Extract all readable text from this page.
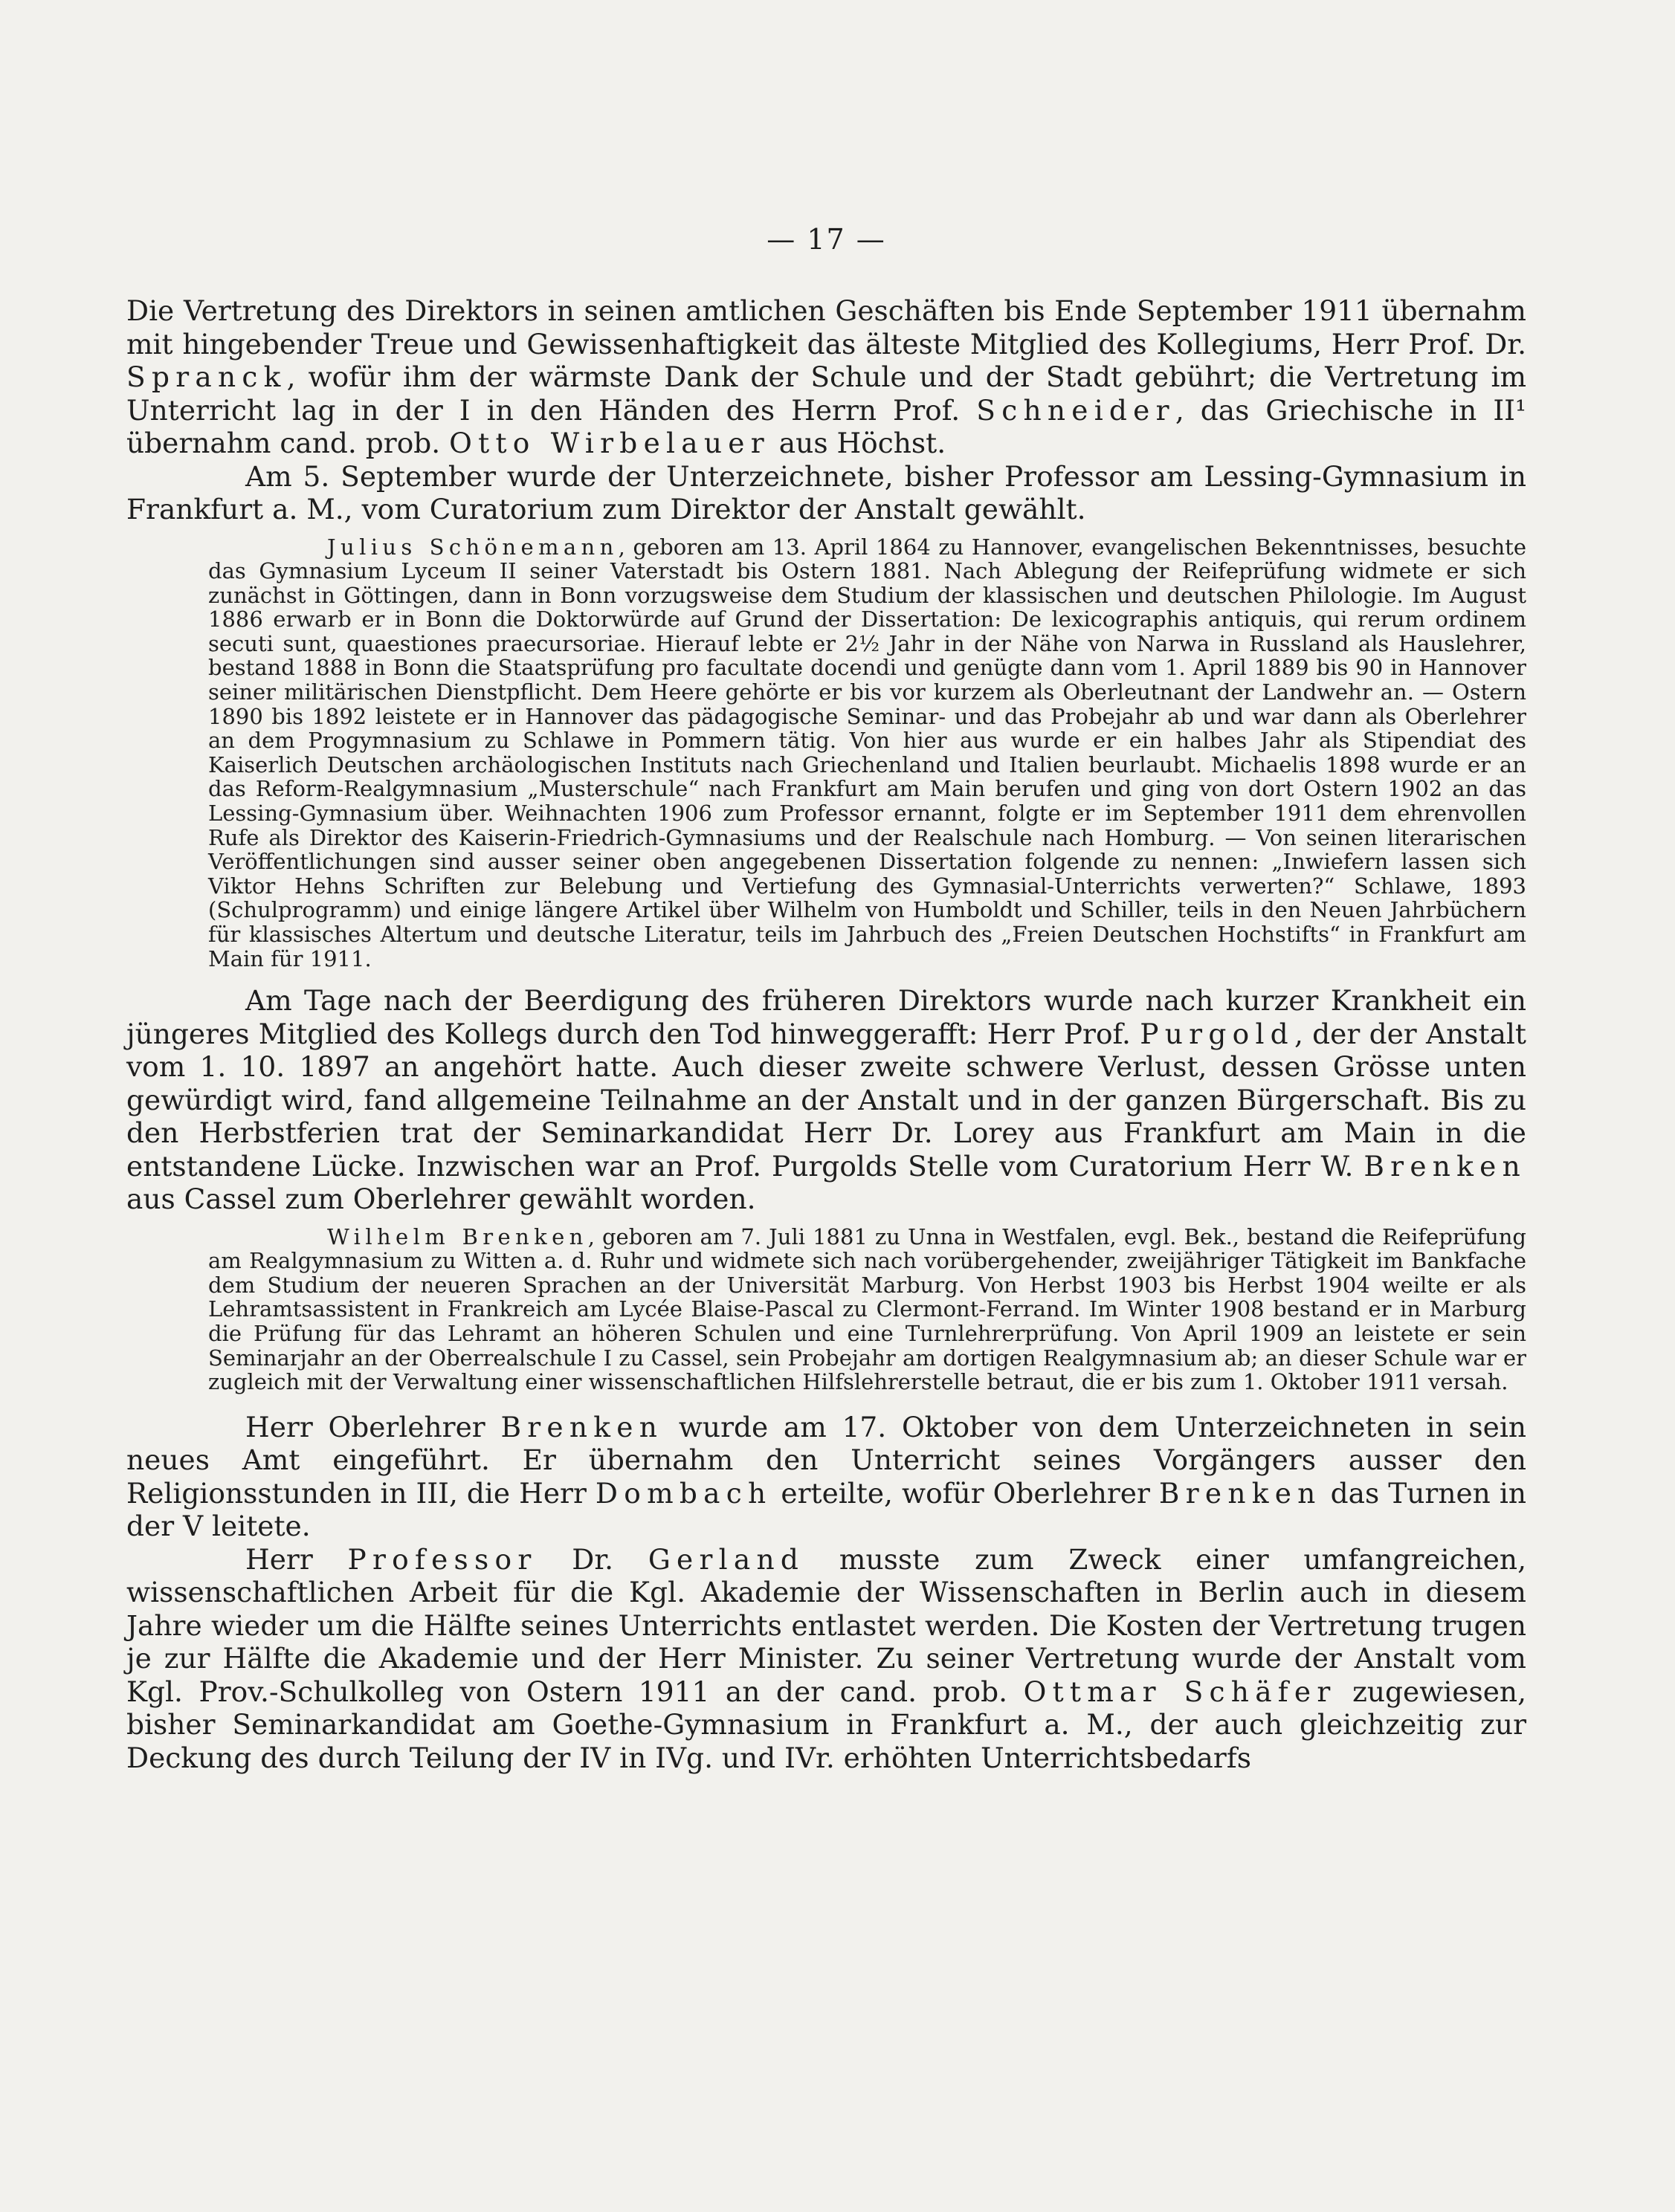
— 17 —

Die Vertretung des Direktors in seinen amtlichen Geschäften bis Ende September 1911 übernahm mit hingebender Treue und Gewissenhaftigkeit das älteste Mitglied des Kollegiums, Herr Prof. Dr. Spranck, wofür ihm der wärmste Dank der Schule und der Stadt gebührt; die Vertretung im Unterricht lag in der I in den Händen des Herrn Prof. Schneider, das Griechische in II¹ übernahm cand. prob. Otto Wirbelauer aus Höchst.

Am 5. September wurde der Unterzeichnete, bisher Professor am Lessing-Gymnasium in Frankfurt a. M., vom Curatorium zum Direktor der Anstalt gewählt.

Julius Schönemann, geboren am 13. April 1864 zu Hannover, evangelischen Bekenntnisses, besuchte das Gymnasium Lyceum II seiner Vaterstadt bis Ostern 1881. Nach Ablegung der Reifeprüfung widmete er sich zunächst in Göttingen, dann in Bonn vorzugsweise dem Studium der klassischen und deutschen Philologie. Im August 1886 erwarb er in Bonn die Doktorwürde auf Grund der Dissertation: De lexicographis antiquis, qui rerum ordinem secuti sunt, quaestiones praecursoriae. Hierauf lebte er 2½ Jahr in der Nähe von Narwa in Russland als Hauslehrer, bestand 1888 in Bonn die Staatsprüfung pro facultate docendi und genügte dann vom 1. April 1889 bis 90 in Hannover seiner militärischen Dienstpflicht. Dem Heere gehörte er bis vor kurzem als Oberleutnant der Landwehr an. — Ostern 1890 bis 1892 leistete er in Hannover das pädagogische Seminar- und das Probejahr ab und war dann als Oberlehrer an dem Progymnasium zu Schlawe in Pommern tätig. Von hier aus wurde er ein halbes Jahr als Stipendiat des Kaiserlich Deutschen archäologischen Instituts nach Griechenland und Italien beurlaubt. Michaelis 1898 wurde er an das Reform-Realgymnasium „Musterschule“ nach Frankfurt am Main berufen und ging von dort Ostern 1902 an das Lessing-Gymnasium über. Weihnachten 1906 zum Professor ernannt, folgte er im September 1911 dem ehrenvollen Rufe als Direktor des Kaiserin-Friedrich-Gymnasiums und der Realschule nach Homburg. — Von seinen literarischen Veröffentlichungen sind ausser seiner oben angegebenen Dissertation folgende zu nennen: „Inwiefern lassen sich Viktor Hehns Schriften zur Belebung und Vertiefung des Gymnasial-Unterrichts verwerten?“ Schlawe, 1893 (Schulprogramm) und einige längere Artikel über Wilhelm von Humboldt und Schiller, teils in den Neuen Jahrbüchern für klassisches Altertum und deutsche Literatur, teils im Jahrbuch des „Freien Deutschen Hochstifts“ in Frankfurt am Main für 1911.

Am Tage nach der Beerdigung des früheren Direktors wurde nach kurzer Krankheit ein jüngeres Mitglied des Kollegs durch den Tod hinweggerafft: Herr Prof. Purgold, der der Anstalt vom 1. 10. 1897 an angehört hatte. Auch dieser zweite schwere Verlust, dessen Grösse unten gewürdigt wird, fand allgemeine Teilnahme an der Anstalt und in der ganzen Bürgerschaft. Bis zu den Herbstferien trat der Seminarkandidat Herr Dr. Lorey aus Frankfurt am Main in die entstandene Lücke. Inzwischen war an Prof. Purgolds Stelle vom Curatorium Herr W. Brenken aus Cassel zum Oberlehrer gewählt worden.

Wilhelm Brenken, geboren am 7. Juli 1881 zu Unna in Westfalen, evgl. Bek., bestand die Reifeprüfung am Realgymnasium zu Witten a. d. Ruhr und widmete sich nach vorübergehender, zweijähriger Tätigkeit im Bankfache dem Studium der neueren Sprachen an der Universität Marburg. Von Herbst 1903 bis Herbst 1904 weilte er als Lehramtsassistent in Frankreich am Lycée Blaise-Pascal zu Clermont-Ferrand. Im Winter 1908 bestand er in Marburg die Prüfung für das Lehramt an höheren Schulen und eine Turnlehrerprüfung. Von April 1909 an leistete er sein Seminarjahr an der Oberrealschule I zu Cassel, sein Probejahr am dortigen Realgymnasium ab; an dieser Schule war er zugleich mit der Verwaltung einer wissenschaftlichen Hilfslehrerstelle betraut, die er bis zum 1. Oktober 1911 versah.

Herr Oberlehrer Brenken wurde am 17. Oktober von dem Unterzeichneten in sein neues Amt eingeführt. Er übernahm den Unterricht seines Vorgängers ausser den Religionsstunden in III, die Herr Dombach erteilte, wofür Oberlehrer Brenken das Turnen in der V leitete.

Herr Professor Dr. Gerland musste zum Zweck einer umfangreichen, wissenschaftlichen Arbeit für die Kgl. Akademie der Wissenschaften in Berlin auch in diesem Jahre wieder um die Hälfte seines Unterrichts entlastet werden. Die Kosten der Vertretung trugen je zur Hälfte die Akademie und der Herr Minister. Zu seiner Vertretung wurde der Anstalt vom Kgl. Prov.-Schulkolleg von Ostern 1911 an der cand. prob. Ottmar Schäfer zugewiesen, bisher Seminarkandidat am Goethe-Gymnasium in Frankfurt a. M., der auch gleichzeitig zur Deckung des durch Teilung der IV in IVg. und IVr. erhöhten Unterrichtsbedarfs
